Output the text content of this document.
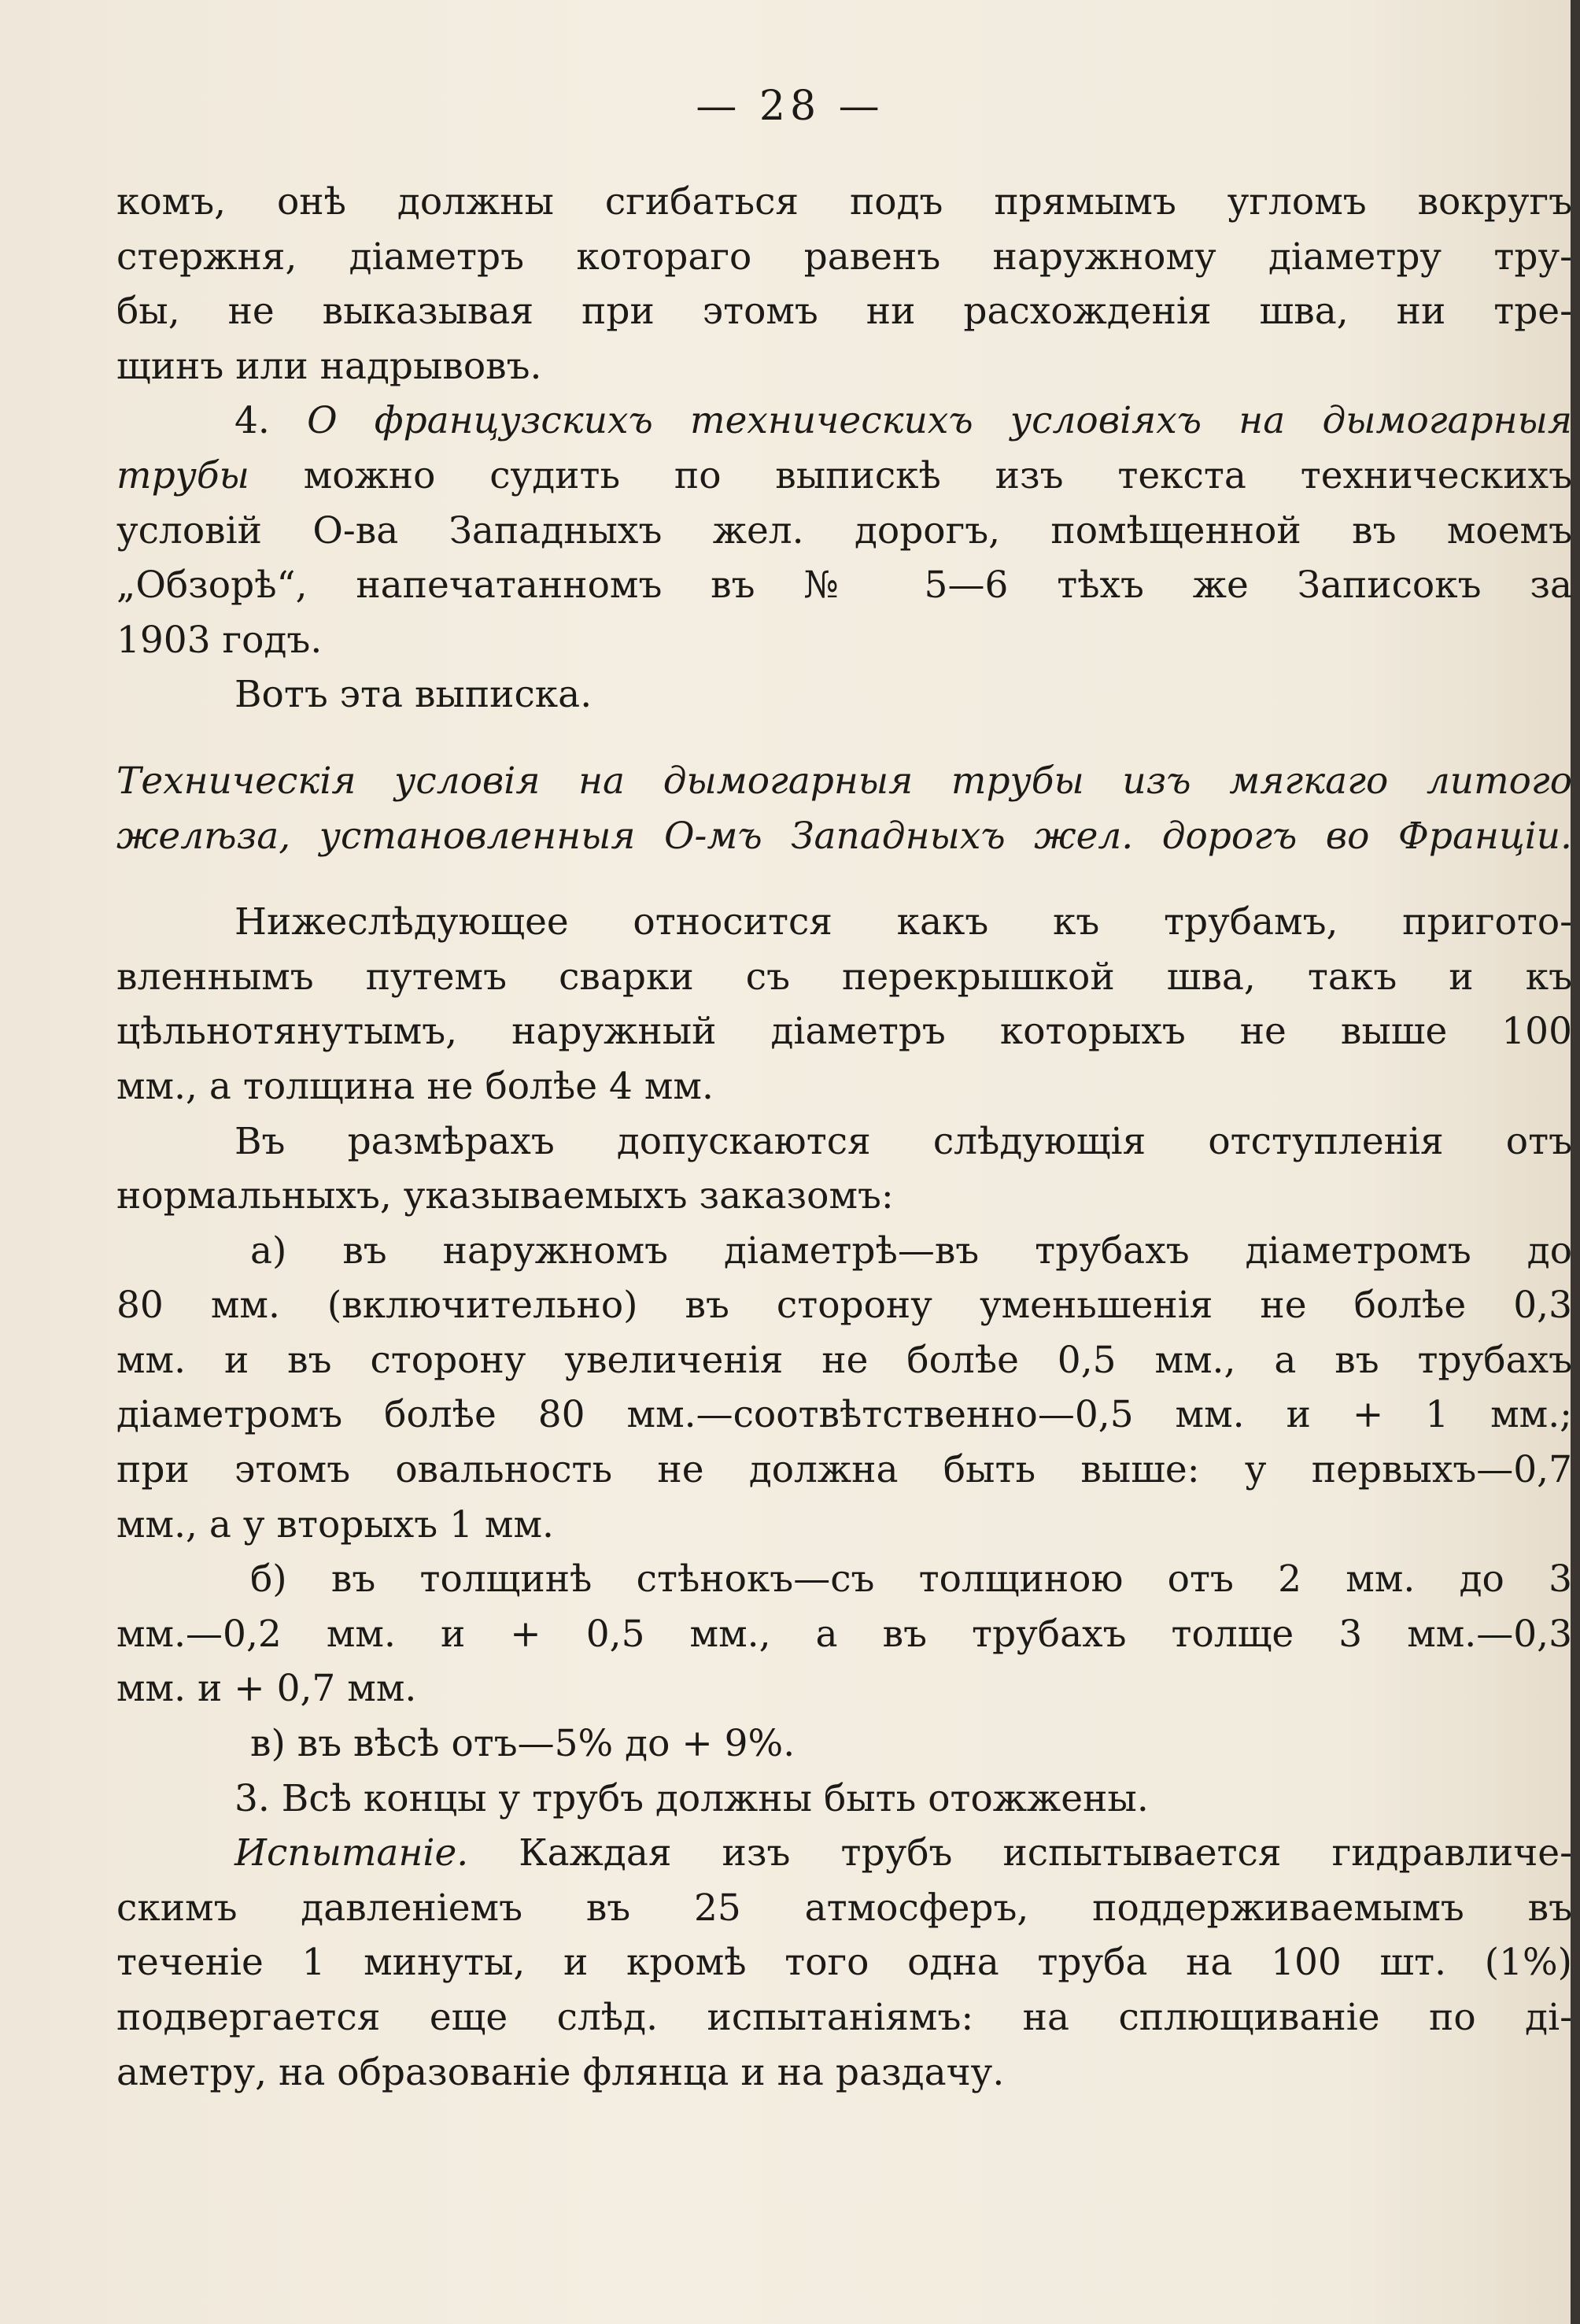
— 28 —

комъ, онѣ должны сгибаться подъ прямымъ угломъ вокругъ

стержня, діаметръ котораго равенъ наружному діаметру тру-

бы, не выказывая при этомъ ни расхожденія шва, ни тре-

щинъ или надрывовъ.

4. О французскихъ техническихъ условіяхъ на дымогарныя

трубы можно судить по выпискѣ изъ текста техническихъ

условій О-ва Западныхъ жел. дорогъ, помѣщенной въ моемъ

„Обзорѣ“, напечатанномъ въ № 5—6 тѣхъ же Записокъ за

1903 годъ.

Вотъ эта выписка.

Техническія условія на дымогарныя трубы изъ мягкаго литого

желѣза, установленныя О-мъ Западныхъ жел. дорогъ во Франціи.

Нижеслѣдующее относится какъ къ трубамъ, пригото-

вленнымъ путемъ сварки съ перекрышкой шва, такъ и къ

цѣльнотянутымъ, наружный діаметръ которыхъ не выше 100

мм., а толщина не болѣе 4 мм.

Въ размѣрахъ допускаются слѣдующія отступленія отъ

нормальныхъ, указываемыхъ заказомъ:

а) въ наружномъ діаметрѣ—въ трубахъ діаметромъ до

80 мм. (включительно) въ сторону уменьшенія не болѣе 0,3

мм. и въ сторону увеличенія не болѣе 0,5 мм., а въ трубахъ

діаметромъ болѣе 80 мм.—соотвѣтственно—0,5 мм. и + 1 мм.;

при этомъ овальность не должна быть выше: у первыхъ—0,7

мм., а у вторыхъ 1 мм.

б) въ толщинѣ стѣнокъ—съ толщиною отъ 2 мм. до 3

мм.—0,2 мм. и + 0,5 мм., а въ трубахъ толще 3 мм.—0,3

мм. и + 0,7 мм.

в) въ вѣсѣ отъ—5% до + 9%.

3. Всѣ концы у трубъ должны быть отожжены.

Испытаніе. Каждая изъ трубъ испытывается гидравличе-

скимъ давленіемъ въ 25 атмосферъ, поддерживаемымъ въ

теченіе 1 минуты, и кромѣ того одна труба на 100 шт. (1%)

подвергается еще слѣд. испытаніямъ: на сплющиваніе по ді-

аметру, на образованіе флянца и на раздачу.
